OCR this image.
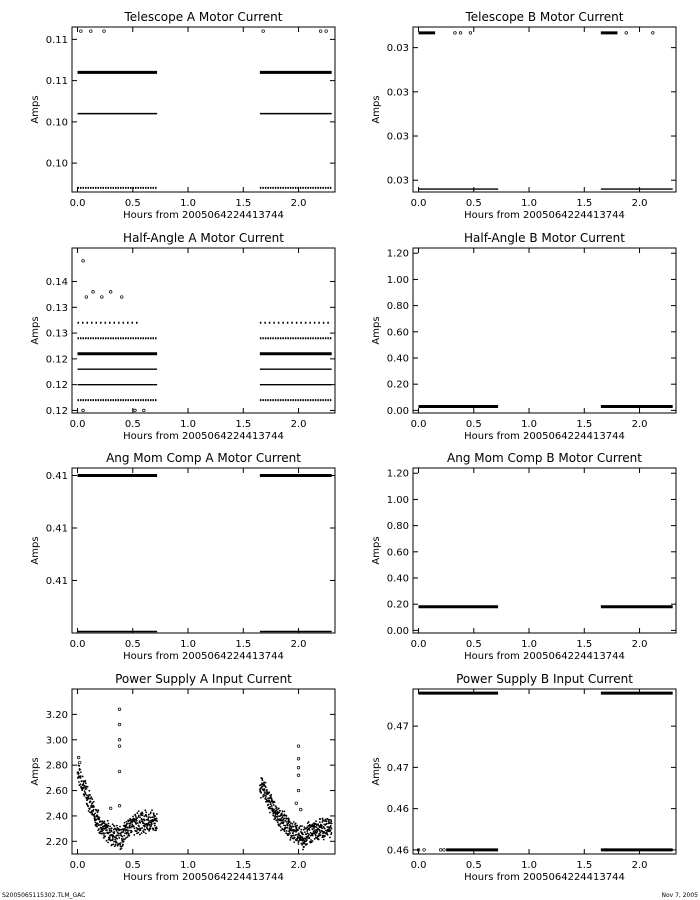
Telescope A Motor Current
0.0	0.5	1.0	1.5	2.0
0.11
0.11
0.10
0.10
Hours from 2005064224413744
Amps
Telescope B Motor Current
0.0	0.5	1.0	1.5	2.0
0.03
0.03
0.03
0.03
Hours from 2005064224413744
Amps
Half-Angle A Motor Current
0.0	0.5	1.0	1.5	2.0
0.14
0.13
0.13
0.12
0.12
0.12
Hours from 2005064224413744
Amps
Half-Angle B Motor Current
0.0	0.5	1.0	1.5	2.0
0.00
0.20
0.40
0.60
0.80
1.00
1.20
Hours from 2005064224413744
Amps
Ang Mom Comp A Motor Current
0.0	0.5	1.0	1.5	2.0
0.41
0.41
0.41
Hours from 2005064224413744
Amps
Ang Mom Comp B Motor Current
0.0	0.5	1.0	1.5	2.0
0.00
0.20
0.40
0.60
0.80
1.00
1.20
Hours from 2005064224413744
Amps
Power Supply A Input Current
0.0	0.5	1.0	1.5	2.0
2.20
2.40
2.60
2.80
3.00
3.20
Hours from 2005064224413744
Amps
Power Supply B Input Current
0.0	0.5	1.0	1.5	2.0
0.47
0.47
0.46
0.46
Hours from 2005064224413744
Amps
S2005065115302.TLM_GAC	Nov 7, 2005
